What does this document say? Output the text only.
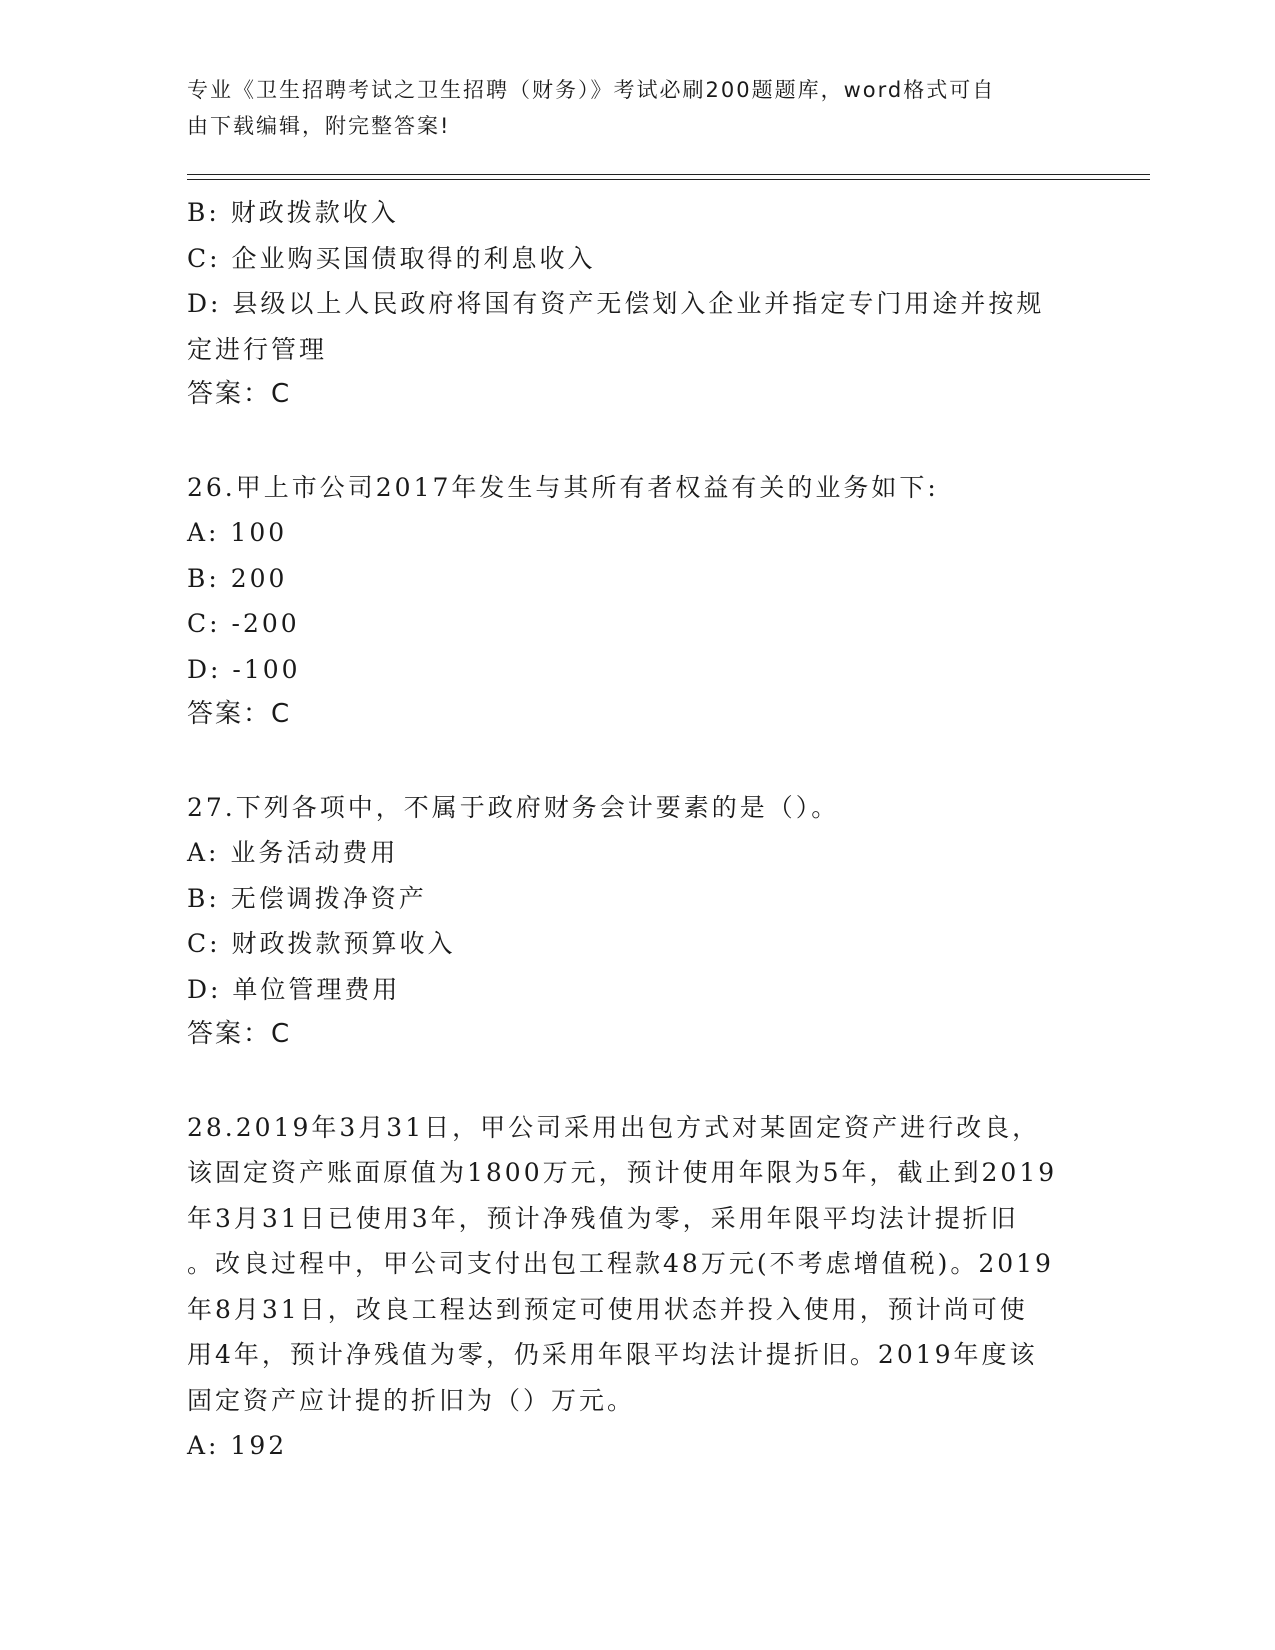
专业《卫生招聘考试之卫生招聘（财务）》考试必刷200题题库，word格式可自
由下载编辑，附完整答案!
B: 财政拨款收入
C: 企业购买国债取得的利息收入
D: 县级以上人民政府将国有资产无偿划入企业并指定专门用途并按规
定进行管理
答案：C
26.甲上市公司2017年发生与其所有者权益有关的业务如下:
A: 100
B: 200
C: -200
D: -100
答案：C
27.下列各项中，不属于政府财务会计要素的是（）。
A: 业务活动费用
B: 无偿调拨净资产
C: 财政拨款预算收入
D: 单位管理费用
答案：C
28.2019年3月31日，甲公司采用出包方式对某固定资产进行改良，
该固定资产账面原值为1800万元，预计使用年限为5年，截止到2019
年3月31日已使用3年，预计净残值为零，采用年限平均法计提折旧
。改良过程中，甲公司支付出包工程款48万元(不考虑增值税)。2019
年8月31日，改良工程达到预定可使用状态并投入使用，预计尚可使
用4年，预计净残值为零，仍采用年限平均法计提折旧。2019年度该
固定资产应计提的折旧为（）万元。
A: 192
